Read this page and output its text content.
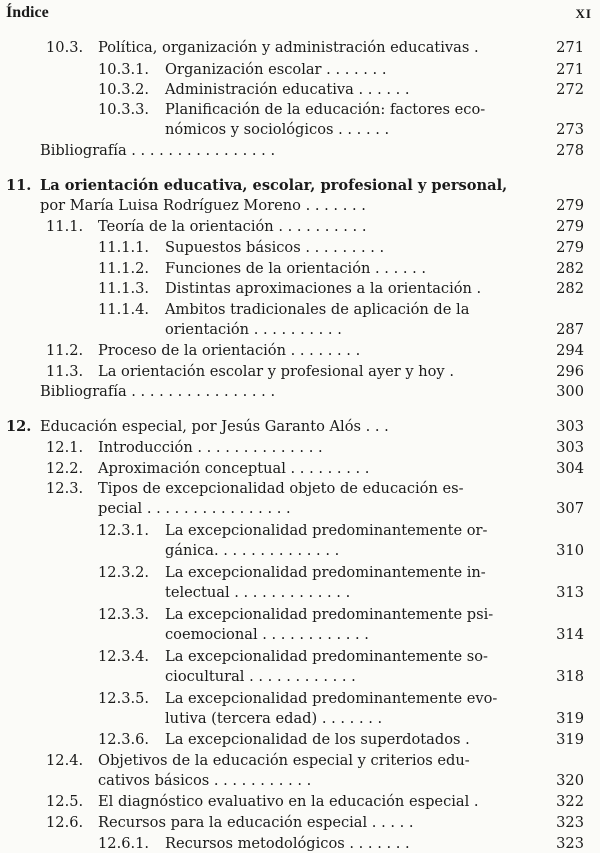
Índice	XI
10.3. Política, organización y administración educativas .	271
10.3.1. Organización escolar . . . . . . .	271
10.3.2. Administración educativa . . . . . .	272
10.3.3. Planificación de la educación: factores eco-
nómicos y sociológicos . . . . . .	273
Bibliografía . . . . . . . . . . . . . . . .	278
11. La orientación educativa, escolar, profesional y personal,
por María Luisa Rodríguez Moreno . . . . . . .	279
11.1. Teoría de la orientación . . . . . . . . . .	279
11.1.1. Supuestos básicos . . . . . . . . .	279
11.1.2. Funciones de la orientación . . . . . .	282
11.1.3. Distintas aproximaciones a la orientación .	282
11.1.4. Ambitos tradicionales de aplicación de la
orientación . . . . . . . . . .	287
11.2. Proceso de la orientación . . . . . . . .	294
11.3. La orientación escolar y profesional ayer y hoy .	296
Bibliografía . . . . . . . . . . . . . . . .	300
12. Educación especial, por Jesús Garanto Alós . . .	303
12.1. Introducción . . . . . . . . . . . . . .	303
12.2. Aproximación conceptual . . . . . . . . .	304
12.3. Tipos de excepcionalidad objeto de educación es-
pecial . . . . . . . . . . . . . . . .	307
12.3.1. La excepcionalidad predominantemente or-
gánica. . . . . . . . . . . . . .	310
12.3.2. La excepcionalidad predominantemente in-
telectual . . . . . . . . . . . . .	313
12.3.3. La excepcionalidad predominantemente psi-
coemocional . . . . . . . . . . . .	314
12.3.4. La excepcionalidad predominantemente so-
ciocultural . . . . . . . . . . . .	318
12.3.5. La excepcionalidad predominantemente evo-
lutiva (tercera edad) . . . . . . .	319
12.3.6. La excepcionalidad de los superdotados .	319
12.4. Objetivos de la educación especial y criterios edu-
cativos básicos . . . . . . . . . . .	320
12.5. El diagnóstico evaluativo en la educación especial .	322
12.6. Recursos para la educación especial . . . . .	323
12.6.1. Recursos metodológicos . . . . . . .	323
